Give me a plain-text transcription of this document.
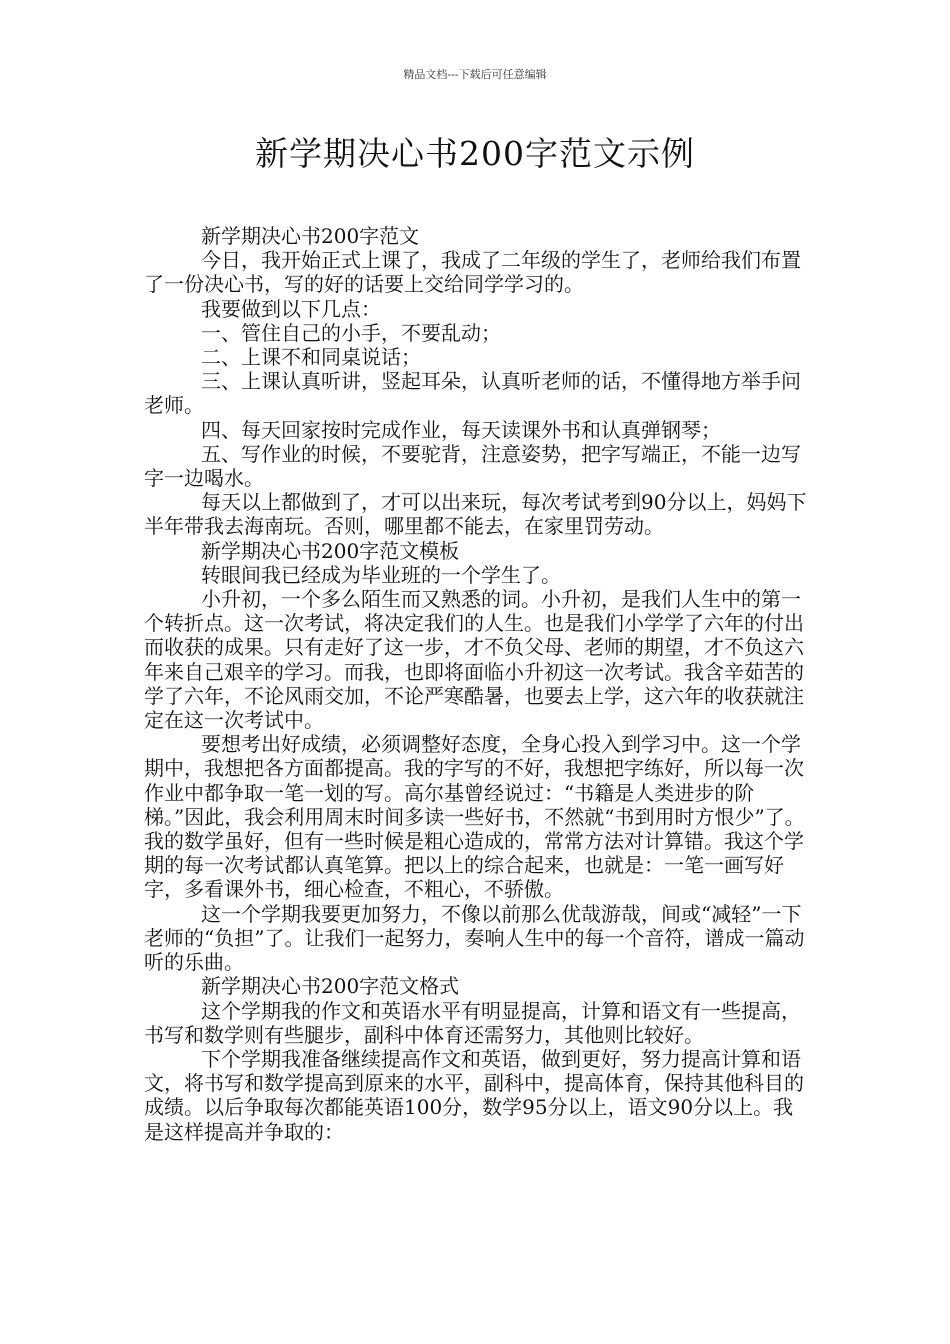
精品文档---下载后可任意编辑
新学期决心书200字范文示例

新学期决心书200字范文

今日，我开始正式上课了，我成了二年级的学生了，老师给我们布置了一份决心书，写的好的话要上交给同学学习的。

我要做到以下几点：

一、管住自己的小手，不要乱动；

二、上课不和同桌说话；

三、上课认真听讲，竖起耳朵，认真听老师的话，不懂得地方举手问老师。

四、每天回家按时完成作业，每天读课外书和认真弹钢琴；

五、写作业的时候，不要驼背，注意姿势，把字写端正，不能一边写字一边喝水。

每天以上都做到了，才可以出来玩，每次考试考到90分以上，妈妈下半年带我去海南玩。否则，哪里都不能去，在家里罚劳动。

新学期决心书200字范文模板

转眼间我已经成为毕业班的一个学生了。

小升初，一个多么陌生而又熟悉的词。小升初，是我们人生中的第一个转折点。这一次考试，将决定我们的人生。也是我们小学学了六年的付出而收获的成果。只有走好了这一步，才不负父母、老师的期望，才不负这六年来自己艰辛的学习。而我，也即将面临小升初这一次考试。我含辛茹苦的学了六年，不论风雨交加，不论严寒酷暑，也要去上学，这六年的收获就注定在这一次考试中。

要想考出好成绩，必须调整好态度，全身心投入到学习中。这一个学期中，我想把各方面都提高。我的字写的不好，我想把字练好，所以每一次作业中都争取一笔一划的写。高尔基曾经说过：“书籍是人类进步的阶梯。”因此，我会利用周末时间多读一些好书，不然就“书到用时方恨少”了。我的数学虽好，但有一些时候是粗心造成的，常常方法对计算错。我这个学期的每一次考试都认真笔算。把以上的综合起来，也就是：一笔一画写好字，多看课外书，细心检查，不粗心，不骄傲。

这一个学期我要更加努力，不像以前那么优哉游哉，间或“减轻”一下老师的“负担”了。让我们一起努力，奏响人生中的每一个音符，谱成一篇动听的乐曲。

新学期决心书200字范文格式

这个学期我的作文和英语水平有明显提高，计算和语文有一些提高，书写和数学则有些腿步，副科中体育还需努力，其他则比较好。

下个学期我准备继续提高作文和英语，做到更好，努力提高计算和语文，将书写和数学提高到原来的水平，副科中，提高体育，保持其他科目的成绩。以后争取每次都能英语100分，数学95分以上，语文90分以上。我是这样提高并争取的：
